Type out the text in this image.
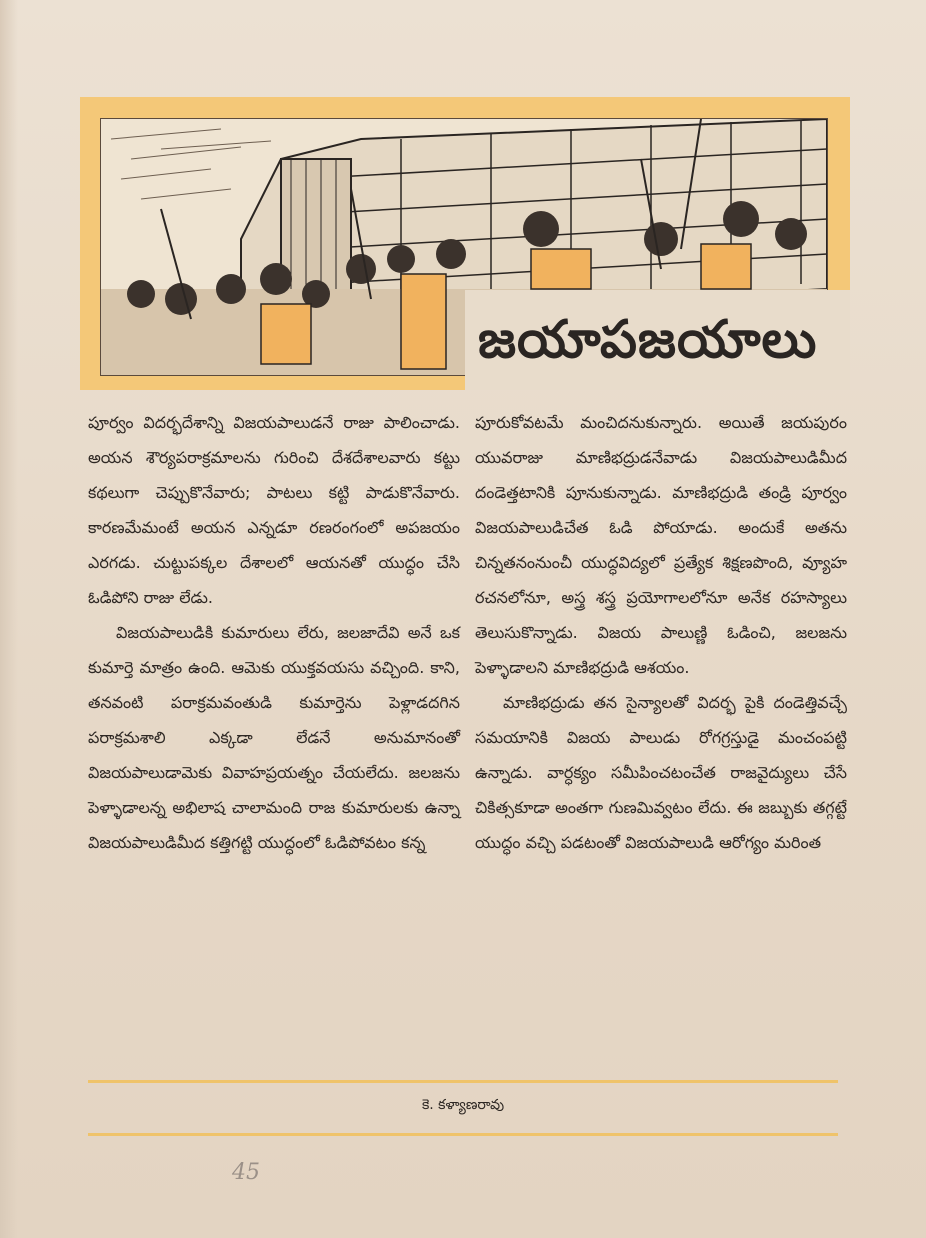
జయాపజయాలు

పూర్వం విదర్భదేశాన్ని విజయపాలుడనే రాజు పాలించాడు. అయన శౌర్యపరాక్రమాలను గురించి దేశదేశాలవారు కట్టు కథలుగా చెప్పుకొనేవారు; పాటలు కట్టి పాడుకొనేవారు. కారణమేమంటే అయన ఎన్నడూ రణరంగంలో అపజయం ఎరగడు. చుట్టుపక్కల దేశాలలో ఆయనతో యుద్ధం చేసి ఓడిపోని రాజు లేడు.

విజయపాలుడికి కుమారులు లేరు, జలజాదేవి అనే ఒక కుమార్తె మాత్రం ఉంది. ఆమెకు యుక్తవయసు వచ్చింది. కాని, తనవంటి పరాక్రమవంతుడి కుమార్తెను పెళ్లాడదగిన పరాక్రమశాలి ఎక్కడా లేడనే అనుమానంతో విజయపాలుడామెకు వివాహప్రయత్నం చేయలేదు. జలజను పెళ్ళాడాలన్న అభిలాష చాలామంది రాజ కుమారులకు ఉన్నా విజయపాలుడిమీద కత్తిగట్టి యుద్ధంలో ఓడిపోవటం కన్న

పూరుకోవటమే మంచిదనుకున్నారు. అయితే జయపురం యువరాజు మాణిభద్రుడనేవాడు విజయపాలుడిమీద దండెత్తటానికి పూనుకున్నాడు. మాణిభద్రుడి తండ్రి పూర్వం విజయపాలుడిచేత ఓడి పోయాడు. అందుకే అతను చిన్నతనంనుంచీ యుద్ధవిద్యలో ప్రత్యేక శిక్షణపొంది, వ్యూహ రచనలోనూ, అస్త్ర శస్త్ర ప్రయోగాలలోనూ అనేక రహస్యాలు తెలుసుకొన్నాడు. విజయ పాలుణ్ణి ఓడించి, జలజను పెళ్ళాడాలని మాణిభద్రుడి ఆశయం.

మాణిభద్రుడు తన సైన్యాలతో విదర్భ పైకి దండెత్తివచ్చే సమయానికి విజయ పాలుడు రోగగ్రస్తుడై మంచంపట్టి ఉన్నాడు. వార్ధక్యం సమీపించటంచేత రాజవైద్యులు చేసే చికిత్సకూడా అంతగా గుణమివ్వటం లేదు. ఈ జబ్బుకు తగ్గట్టే యుద్ధం వచ్చి పడటంతో విజయపాలుడి ఆరోగ్యం మరింత

కె. కళ్యాణరావు
45
